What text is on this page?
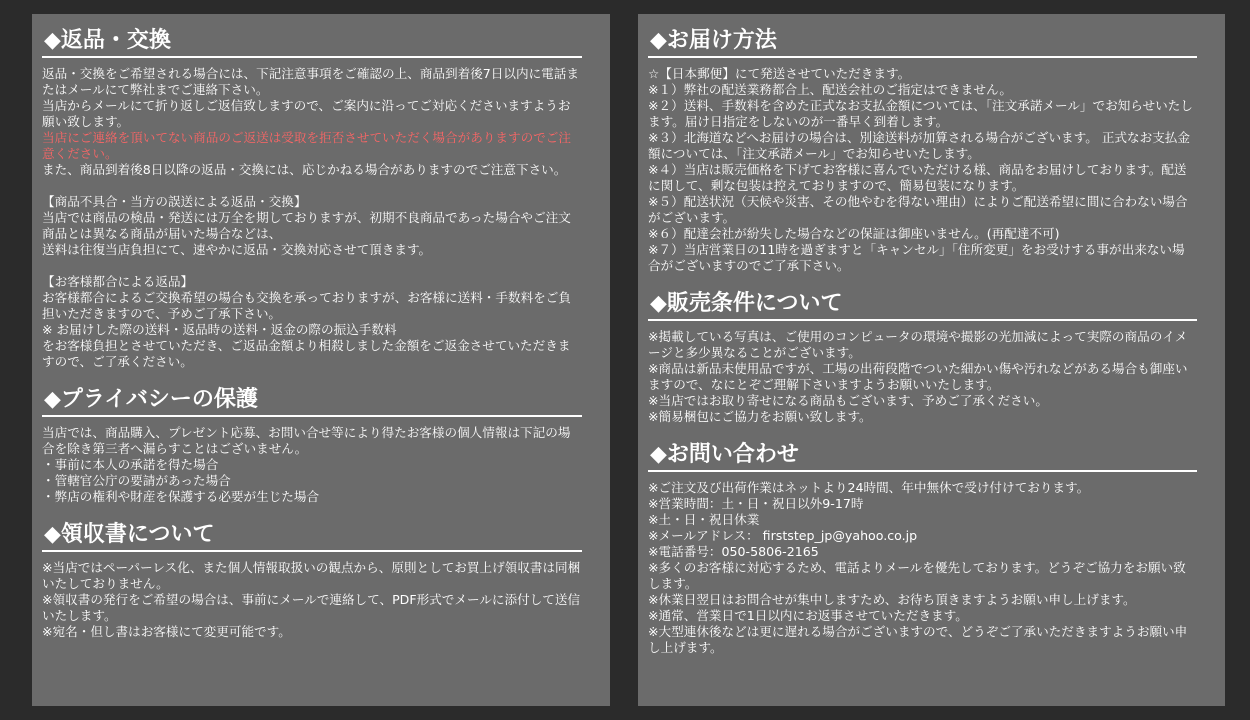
◆返品・交換

返品・交換をご希望される場合には、下記注意事項をご確認の上、商品到着後7日以内に電話またはメールにて弊社までご連絡下さい。
当店からメールにて折り返しご返信致しますので、ご案内に沿ってご対応くださいますようお願い致します。

当店にご連絡を頂いてない商品のご返送は受取を拒否させていただく場合がありますのでご注意ください。

また、商品到着後8日以降の返品・交換には、応じかねる場合がありますのでご注意下さい。

【商品不具合・当方の誤送による返品・交換】
当店では商品の検品・発送には万全を期しておりますが、初期不良商品であった場合やご注文商品とは異なる商品が届いた場合などは、
送料は往復当店負担にて、速やかに返品・交換対応させて頂きます。

【お客様都合による返品】
お客様都合によるご交換希望の場合も交換を承っておりますが、お客様に送料・手数料をご負担いただきますので、予めご了承下さい。
※ お届けした際の送料・返品時の送料・返金の際の振込手数料
をお客様負担とさせていただき、ご返品金額より相殺しました金額をご返金させていただきますので、ご了承ください。

◆プライバシーの保護

当店では、商品購入、プレゼント応募、お問い合せ等により得たお客様の個人情報は下記の場合を除き第三者へ漏らすことはございません。
・事前に本人の承諾を得た場合
・管轄官公庁の要請があった場合
・弊店の権利や財産を保護する必要が生じた場合

◆領収書について

※当店ではペーパーレス化、また個人情報取扱いの観点から、原則としてお買上げ領収書は同梱いたしておりません。
※領収書の発行をご希望の場合は、事前にメールで連絡して、PDF形式でメールに添付して送信いたします。
※宛名・但し書はお客様にて変更可能です。

◆お届け方法

☆【日本郵便】にて発送させていただきます。
※１）弊社の配送業務都合上、配送会社のご指定はできません。
※２）送料、手数料を含めた正式なお支払金額については、「注文承諾メール」でお知らせいたします。届け日指定をしないのが一番早く到着します。
※３）北海道などへお届けの場合は、別途送料が加算される場合がございます。 正式なお支払金額については、「注文承諾メール」でお知らせいたします。
※４）当店は販売価格を下げてお客様に喜んでいただける様、商品をお届けしております。配送に関して、剰な包装は控えておりますので、簡易包装になります。
※５）配送状況（天候や災害、その他やむを得ない理由）によりご配送希望に間に合わない場合がございます。
※６）配達会社が紛失した場合などの保証は御座いません。(再配達不可)
※７）当店営業日の11時を過ぎますと「キャンセル」「住所変更」をお受けする事が出来ない場合がございますのでご了承下さい。

◆販売条件について

※掲載している写真は、ご使用のコンピュータの環境や撮影の光加減によって実際の商品のイメージと多少異なることがございます。
※商品は新品未使用品ですが、工場の出荷段階でついた細かい傷や汚れなどがある場合も御座いますので、なにとぞご理解下さいますようお願いいたします。
※当店ではお取り寄せになる商品もございます、予めご了承ください。
※簡易梱包にご協力をお願い致します。

◆お問い合わせ

※ご注文及び出荷作業はネットより24時間、年中無休で受け付けております。
※営業時間：土・日・祝日以外9-17時
※土・日・祝日休業
※メールアドレス： firststep_jp@yahoo.co.jp
※電話番号：050-5806-2165
※多くのお客様に対応するため、電話よりメールを優先しております。どうぞご協力をお願い致します。
※休業日翌日はお問合せが集中しますため、お待ち頂きますようお願い申し上げます。
※通常、営業日で1日以内にお返事させていただきます。
※大型連休後などは更に遅れる場合がございますので、どうぞご了承いただきますようお願い申し上げます。
